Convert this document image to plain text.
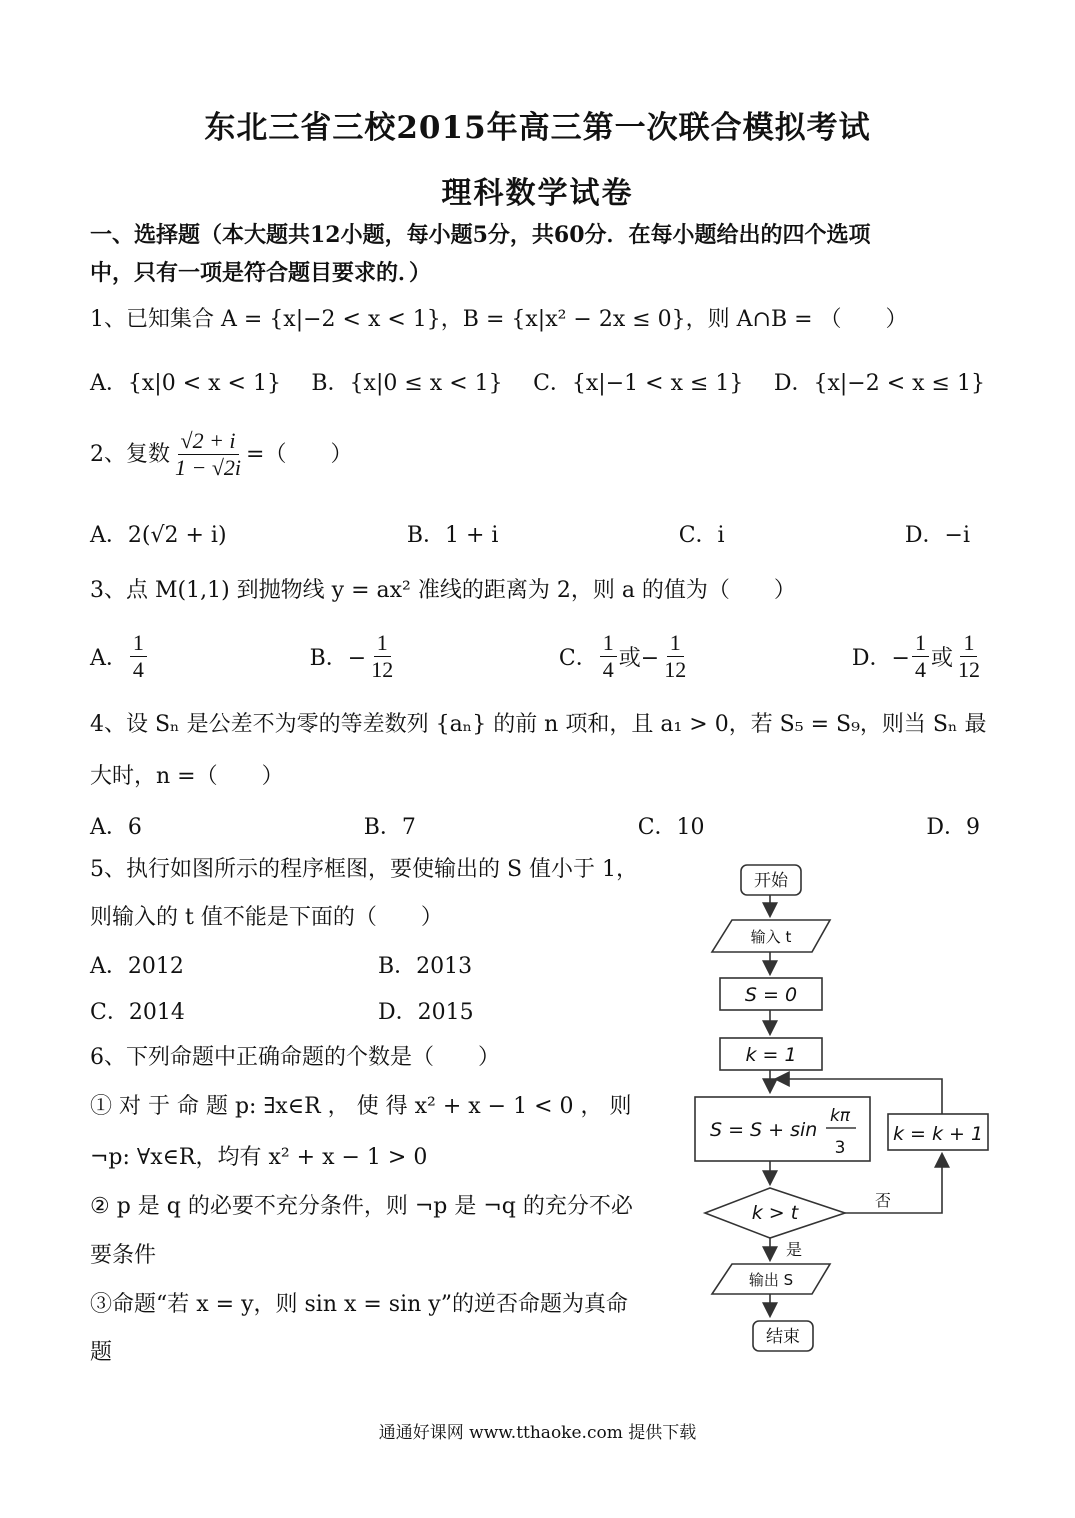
东北三省三校2015年高三第一次联合模拟考试
理科数学试卷
一、选择题（本大题共12小题，每小题5分，共60分．在每小题给出的四个选项
中，只有一项是符合题目要求的．）
1、已知集合 A = {x|−2 < x < 1}，B = {x|x² − 2x ≤ 0}，则 A∩B = （　　）
A．{x|0 < x < 1} B．{x|0 ≤ x < 1} C．{x|−1 < x ≤ 1} D．{x|−2 < x ≤ 1}
2、复数 $\frac{√2 + i}{1 - √2i}$ =（　　）
A．2(√2 + i)	B．1 + i	C．i	D．−i
3、点 M(1,1) 到抛物线 y = ax² 准线的距离为 2，则 a 的值为（　　）
A． $\frac{1}{4}$	B．− $\frac{1}{12}$	C． $\frac{1}{4}$ 或− $\frac{1}{12}$	D．− $\frac{1}{4}$ 或 $\frac{1}{12}$
4、设 Sₙ 是公差不为零的等差数列 {aₙ} 的前 n 项和，且 a₁ > 0，若 S₅ = S₉，则当 Sₙ 最
大时，n =（　　）
A．6	B．7	C．10	D．9
5、执行如图所示的程序框图，要使输出的 S 值小于 1，
则输入的 t 值不能是下面的（　　）
A．2012	B．2013
C．2014	D．2015
6、下列命题中正确命题的个数是（　　）
① 对 于 命 题 p: ∃x∈R ， 使 得 x² + x − 1 < 0 ， 则
¬p: ∀x∈R，均有 x² + x − 1 > 0
② p 是 q 的必要不充分条件，则 ¬p 是 ¬q 的充分不必
要条件
③命题“若 x = y，则 sin x = sin y”的逆否命题为真命
题
开始
输入 t
S = 0
k = 1
S = S + sin
kπ
3
k = k + 1
k > t
否
是
输出 S
结束
通通好课网 www.tthaoke.com 提供下载
